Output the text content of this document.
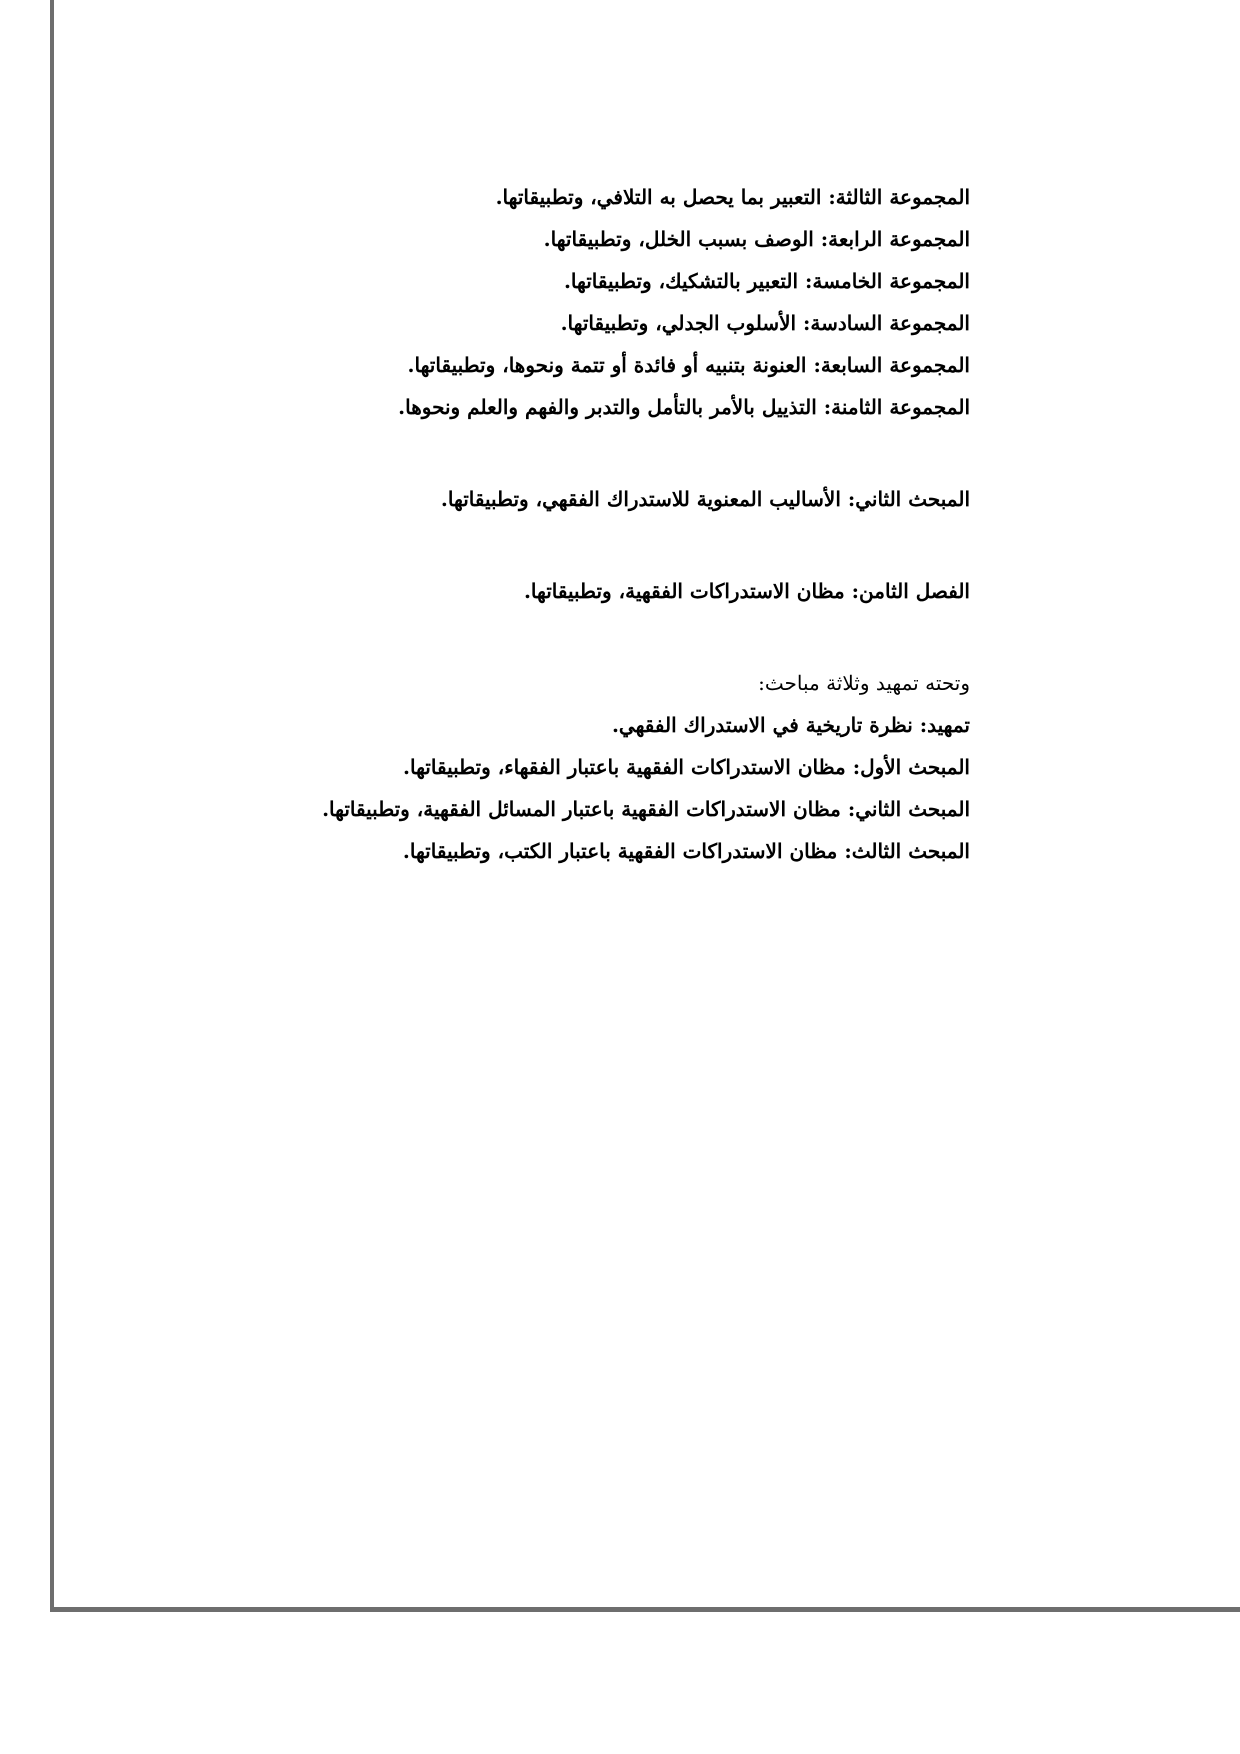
المجموعة الثالثة: التعبير بما يحصل به التلافي، وتطبيقاتها.
المجموعة الرابعة: الوصف بسبب الخلل، وتطبيقاتها.
المجموعة الخامسة: التعبير بالتشكيك، وتطبيقاتها.
المجموعة السادسة: الأسلوب الجدلي، وتطبيقاتها.
المجموعة السابعة: العنونة بتنبيه أو فائدة أو تتمة ونحوها، وتطبيقاتها.
المجموعة الثامنة: التذييل بالأمر بالتأمل والتدبر والفهم والعلم ونحوها.
المبحث الثاني: الأساليب المعنوية للاستدراك الفقهي، وتطبيقاتها.
الفصل الثامن: مظان الاستدراكات الفقهية، وتطبيقاتها.
وتحته تمهيد وثلاثة مباحث:
تمهيد: نظرة تاريخية في الاستدراك الفقهي.
المبحث الأول: مظان الاستدراكات الفقهية باعتبار الفقهاء، وتطبيقاتها.
المبحث الثاني: مظان الاستدراكات الفقهية باعتبار المسائل الفقهية، وتطبيقاتها.
المبحث الثالث: مظان الاستدراكات الفقهية باعتبار الكتب، وتطبيقاتها.
